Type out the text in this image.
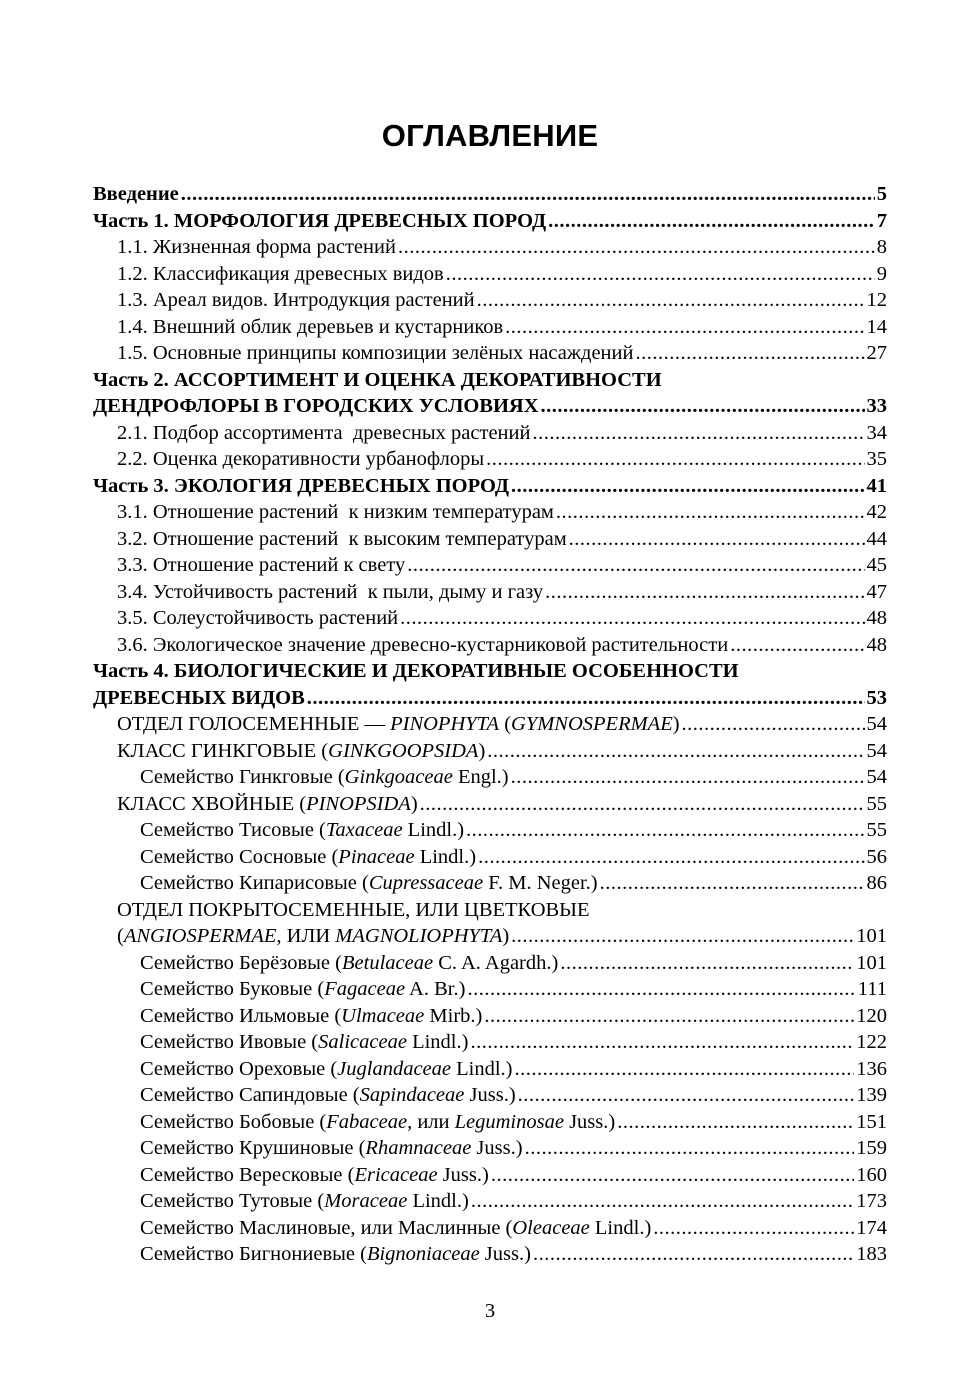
ОГЛАВЛЕНИЕ
Введение .....	5
Часть 1. МОРФОЛОГИЯ ДРЕВЕСНЫХ ПОРОД .....	7
1.1. Жизненная форма растений .....	8
1.2. Классификация древесных видов .....	9
1.3. Ареал видов. Интродукция растений .....	12
1.4. Внешний облик деревьев и кустарников .....	14
1.5. Основные принципы композиции зелёных насаждений .....	27
Часть 2. АССОРТИМЕНТ И ОЦЕНКА ДЕКОРАТИВНОСТИ
ДЕНДРОФЛОРЫ В ГОРОДСКИХ УСЛОВИЯХ .....	33
2.1. Подбор ассортимента  древесных растений .....	34
2.2. Оценка декоративности урбанофлоры .....	35
Часть 3. ЭКОЛОГИЯ ДРЕВЕСНЫХ ПОРОД .....	41
3.1. Отношение растений  к низким температурам .....	42
3.2. Отношение растений  к высоким температурам .....	44
3.3. Отношение растений к свету .....	45
3.4. Устойчивость растений  к пыли, дыму и газу .....	47
3.5. Солеустойчивость растений .....	48
3.6. Экологическое значение древесно-кустарниковой растительности .....	48
Часть 4. БИОЛОГИЧЕСКИЕ И ДЕКОРАТИВНЫЕ ОСОБЕННОСТИ
ДРЕВЕСНЫХ ВИДОВ .....	53
ОТДЕЛ ГОЛОСЕМЕННЫЕ — PINOPHYTA (GYMNOSPERMAE) .....	54
КЛАСС ГИНКГОВЫЕ (GINKGOOPSIDA) .....	54
Семейство Гинкговые (Ginkgoaceae Engl.) .....	54
КЛАСС ХВОЙНЫЕ (PINOPSIDA) .....	55
Семейство Тисовые (Taxaceae Lindl.) .....	55
Семейство Сосновые (Pinaceae Lindl.) .....	56
Семейство Кипарисовые (Cupressaceae F. M. Neger.) .....	86
ОТДЕЛ ПОКРЫТОСЕМЕННЫЕ, ИЛИ ЦВЕТКОВЫЕ
(ANGIOSPERMAE, ИЛИ MAGNOLIOPHYTA) .....	101
Семейство Берёзовые (Betulaceae C. A. Agardh.) .....	101
Семейство Буковые (Fagaceae A. Br.) .....	111
Семейство Ильмовые (Ulmaceae Mirb.) .....	120
Семейство Ивовые (Salicaceae Lindl.) .....	122
Семейство Ореховые (Juglandaceae Lindl.) .....	136
Семейство Сапиндовые (Sapindaceae Juss.) .....	139
Семейство Бобовые (Fabaceae, или Leguminosae Juss.) .....	151
Семейство Крушиновые (Rhamnaceae Juss.) .....	159
Семейство Вересковые (Ericaceae Juss.) .....	160
Семейство Тутовые (Moraceae Lindl.) .....	173
Семейство Маслиновые, или Маслинные (Oleaceae Lindl.) .....	174
Семейство Бигнониевые (Bignoniaceae Juss.) .....	183
3
